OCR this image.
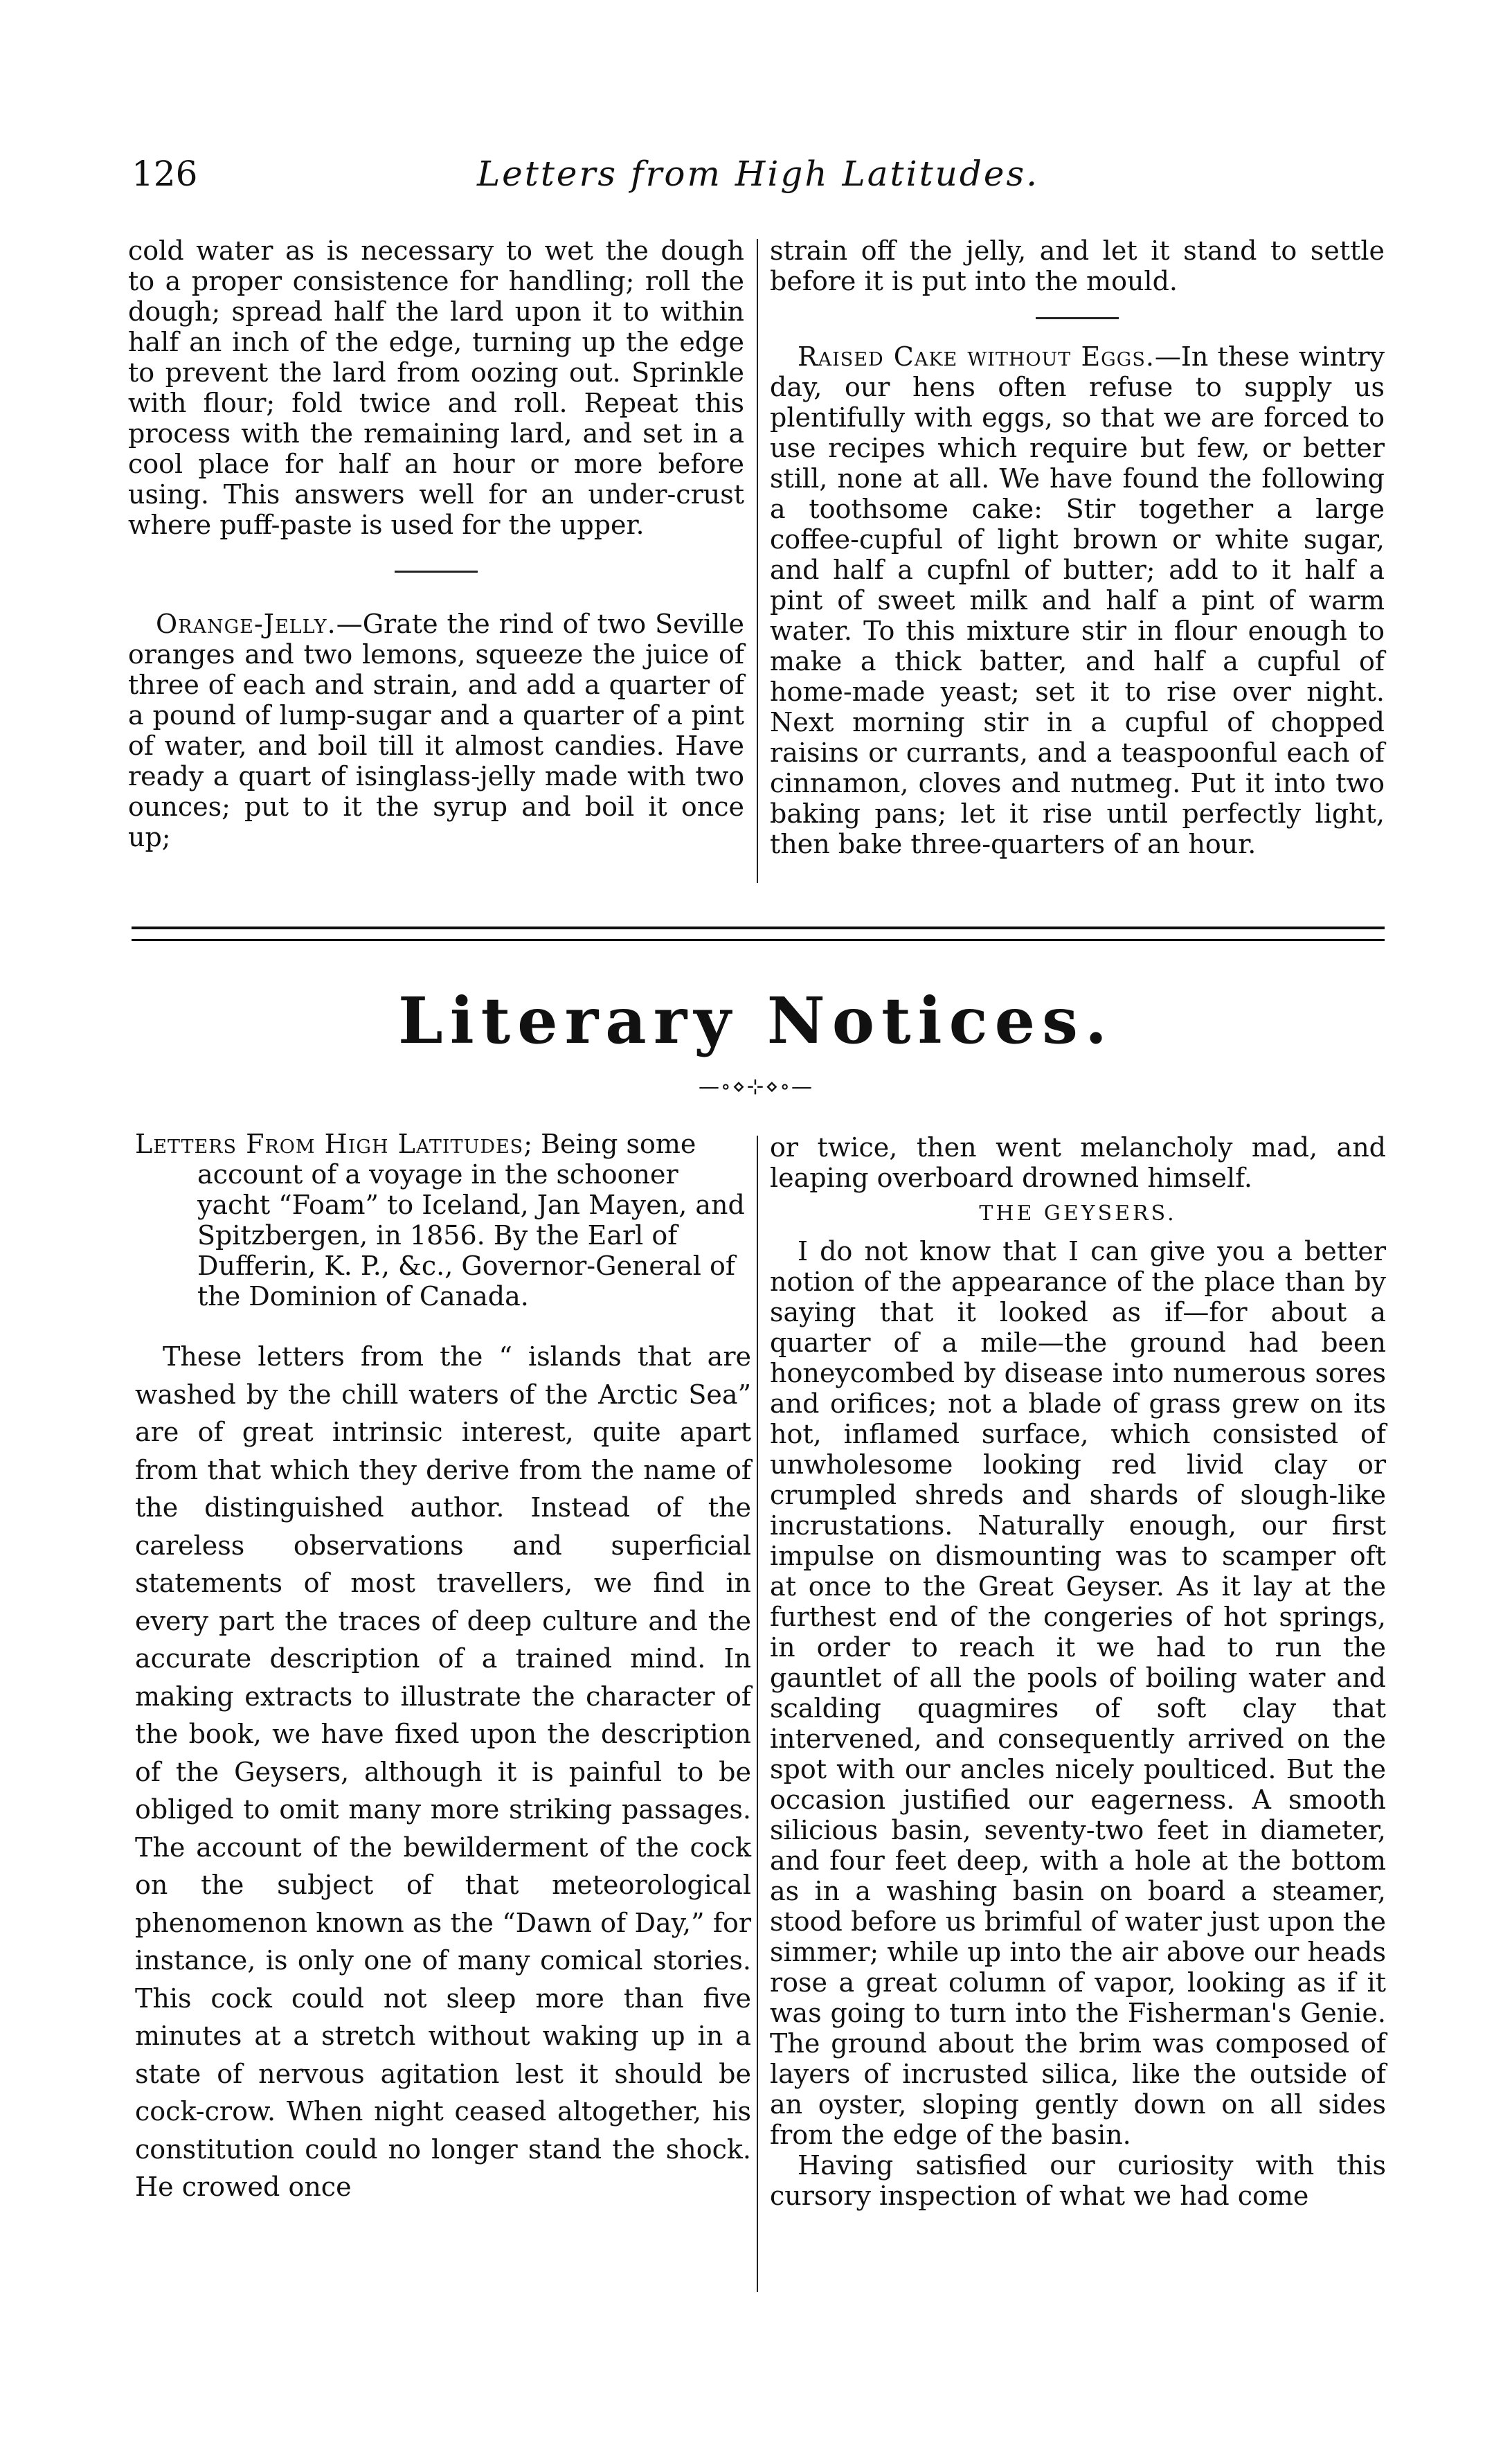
126	Letters from High Latitudes.

cold water as is necessary to wet the dough to a proper consistence for handling; roll the dough; spread half the lard upon it to within half an inch of the edge, turning up the edge to prevent the lard from oozing out. Sprinkle with flour; fold twice and roll. Repeat this process with the remaining lard, and set in a cool place for half an hour or more before using. This answers well for an under-crust where puff-paste is used for the upper.

Orange-Jelly.—Grate the rind of two Seville oranges and two lemons, squeeze the juice of three of each and strain, and add a quarter of a pound of lump-sugar and a quarter of a pint of water, and boil till it almost candies. Have ready a quart of isinglass-jelly made with two ounces; put to it the syrup and boil it once up;

strain off the jelly, and let it stand to settle before it is put into the mould.

Raised Cake without Eggs.—In these wintry day, our hens often refuse to supply us plentifully with eggs, so that we are forced to use recipes which require but few, or better still, none at all. We have found the following a toothsome cake: Stir together a large coffee-cupful of light brown or white sugar, and half a cupfnl of butter; add to it half a pint of sweet milk and half a pint of warm water. To this mixture stir in flour enough to make a thick batter, and half a cupful of home-made yeast; set it to rise over night. Next morning stir in a cupful of chopped raisins or currants, and a teaspoonful each of cinnamon, cloves and nutmeg. Put it into two baking pans; let it rise until perfectly light, then bake three-quarters of an hour.

Literary Notices.
—∘⋄⊹⋄∘—

Letters From High Latitudes; Being some account of a voyage in the schooner yacht “Foam” to Iceland, Jan Mayen, and Spitzbergen, in 1856. By the Earl of Dufferin, K. P., &c., Governor-General of the Dominion of Canada.

These letters from the “ islands that are washed by the chill waters of the Arctic Sea” are of great intrinsic interest, quite apart from that which they derive from the name of the distinguished author. Instead of the careless observations and superficial statements of most travellers, we find in every part the traces of deep culture and the accurate description of a trained mind. In making extracts to illustrate the character of the book, we have fixed upon the description of the Geysers, although it is painful to be obliged to omit many more striking passages. The account of the bewilderment of the cock on the subject of that meteorological phenomenon known as the “Dawn of Day,” for instance, is only one of many comical stories. This cock could not sleep more than five minutes at a stretch without waking up in a state of nervous agitation lest it should be cock-crow. When night ceased altogether, his constitution could no longer stand the shock. He crowed once

or twice, then went melancholy mad, and leaping overboard drowned himself.

THE GEYSERS.

I do not know that I can give you a better notion of the appearance of the place than by saying that it looked as if—for about a quarter of a mile—the ground had been honeycombed by disease into numerous sores and orifices; not a blade of grass grew on its hot, inflamed surface, which consisted of unwholesome looking red livid clay or crumpled shreds and shards of slough-like incrustations. Naturally enough, our first impulse on dismounting was to scamper oft at once to the Great Geyser. As it lay at the furthest end of the congeries of hot springs, in order to reach it we had to run the gauntlet of all the pools of boiling water and scalding quagmires of soft clay that intervened, and consequently arrived on the spot with our ancles nicely poulticed. But the occasion justified our eagerness. A smooth silicious basin, seventy-two feet in diameter, and four feet deep, with a hole at the bottom as in a washing basin on board a steamer, stood before us brimful of water just upon the simmer; while up into the air above our heads rose a great column of vapor, looking as if it was going to turn into the Fisherman's Genie. The ground about the brim was composed of layers of incrusted silica, like the outside of an oyster, sloping gently down on all sides from the edge of the basin.

Having satisfied our curiosity with this cursory inspection of what we had come
